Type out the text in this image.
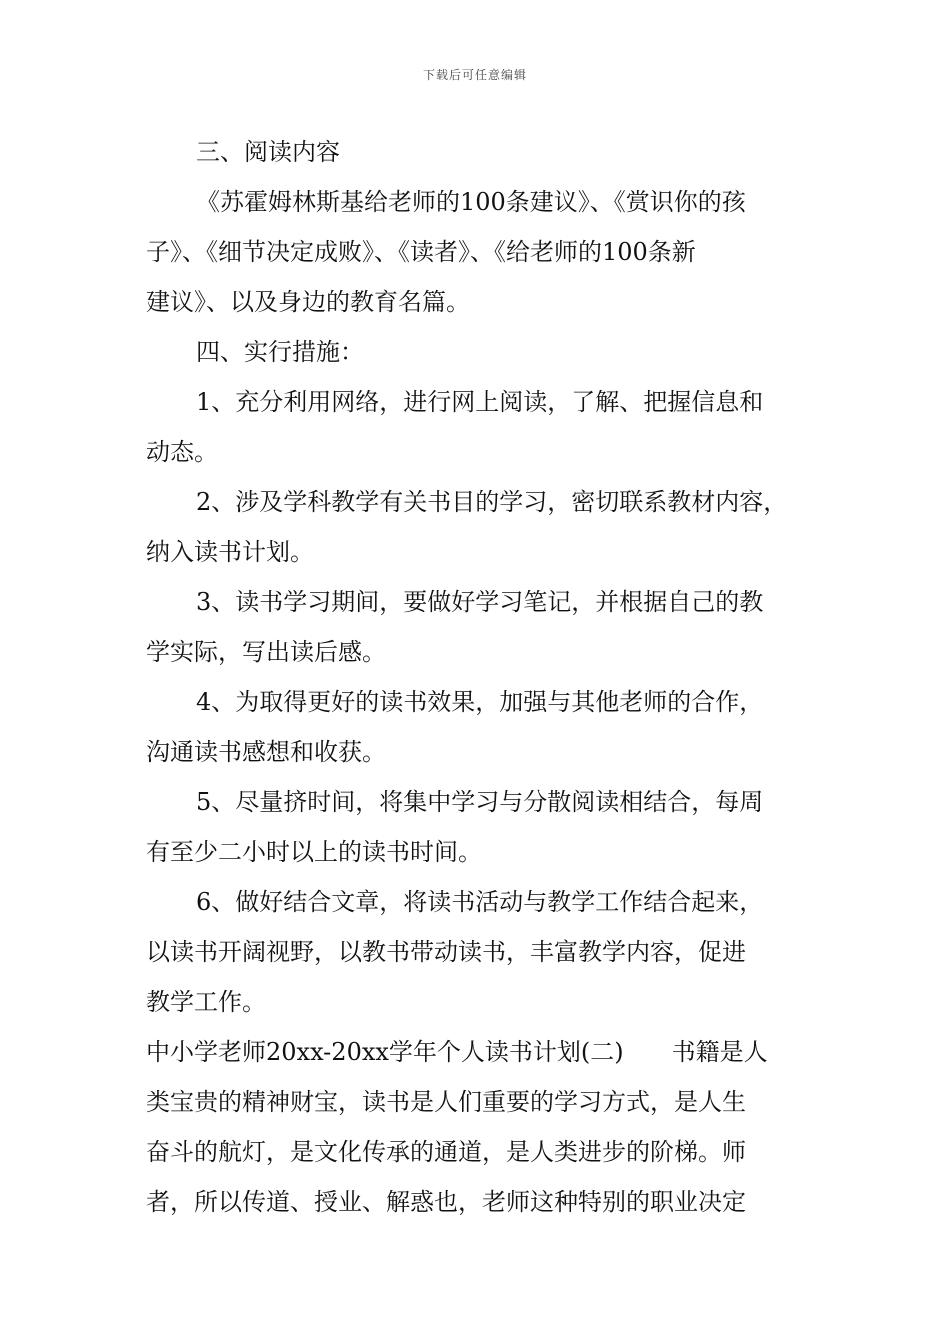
下载后可任意编辑
三、阅读内容
《苏霍姆林斯基给老师的100条建议》、《赏识你的孩
子》、《细节决定成败》、《读者》、《给老师的100条新
建议》、以及身边的教育名篇。
四、实行措施：
1、充分利用网络，进行网上阅读，了解、把握信息和
动态。
2、涉及学科教学有关书目的学习，密切联系教材内容，
纳入读书计划。
3、读书学习期间，要做好学习笔记，并根据自己的教
学实际，写出读后感。
4、为取得更好的读书效果，加强与其他老师的合作，
沟通读书感想和收获。
5、尽量挤时间，将集中学习与分散阅读相结合，每周
有至少二小时以上的读书时间。
6、做好结合文章，将读书活动与教学工作结合起来，
以读书开阔视野，以教书带动读书，丰富教学内容，促进
教学工作。
中小学老师20xx-20xx学年个人读书计划(二)　　书籍是人
类宝贵的精神财宝，读书是人们重要的学习方式，是人生
奋斗的航灯，是文化传承的通道，是人类进步的阶梯。师
者，所以传道、授业、解惑也，老师这种特别的职业决定
